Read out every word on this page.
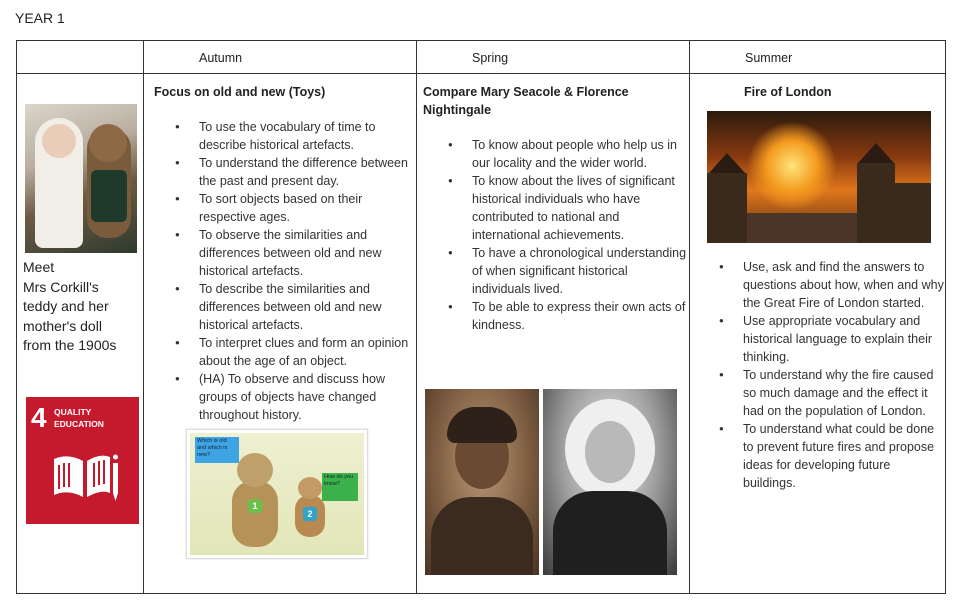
YEAR 1
Autumn	Spring	Summer
Meet
Mrs Corkill's
teddy and her
mother's doll
from the 1900s
4 QUALITY
EDUCATION
Focus on old and new (Toys)
● To use the vocabulary of time to describe historical artefacts.
● To understand the difference between the past and present day.
● To sort objects based on their respective ages.
● To observe the similarities and differences between old and new historical artefacts.
● To describe the similarities and differences between old and new historical artefacts.
● To interpret clues and form an opinion about the age of an object.
● (HA) To observe and discuss how groups of objects have changed throughout history.
Which is old and which is new?
How do you know?
1
2
Compare Mary Seacole & Florence Nightingale
● To know about people who help us in our locality and the wider world.
● To know about the lives of significant historical individuals who have contributed to national and international achievements.
● To have a chronological understanding of when significant historical individuals lived.
● To be able to express their own acts of kindness.
Fire of London
● Use, ask and find the answers to questions about how, when and why the Great Fire of London started.
● Use appropriate vocabulary and historical language to explain their thinking.
● To understand why the fire caused so much damage and the effect it had on the population of London.
● To understand what could be done to prevent future fires and propose ideas for developing future buildings.
